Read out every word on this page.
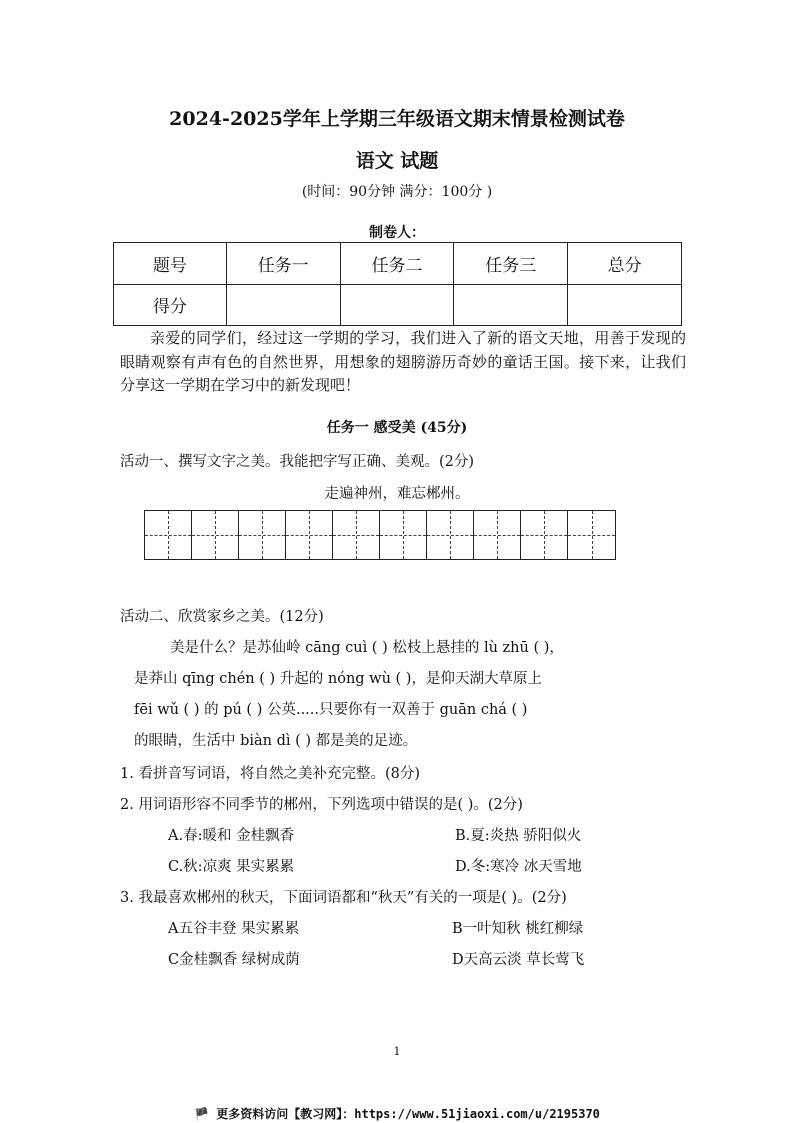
2024-2025学年上学期三年级语文期末情景检测试卷
语文 试题
(时间：90分钟 满分：100分 )
制卷人：
题号	任务一	任务二	任务三	总分
得分				
亲爱的同学们，经过这一学期的学习，我们进入了新的语文天地，用善于发现的眼睛观察有声有色的自然世界，用想象的翅膀游历奇妙的童话王国。接下来，让我们分享这一学期在学习中的新发现吧！
任务一 感受美 (45分)
活动一、撰写文字之美。我能把字写正确、美观。(2分)
走遍神州，难忘郴州。
活动二、欣赏家乡之美。(12分)
美是什么？是苏仙岭 cāng cuì ( ) 松枝上悬挂的 lù zhū ( )，
是莽山 qīng chén ( ) 升起的 nóng wù ( )，是仰天湖大草原上
fēi wǔ ( ) 的 pú ( ) 公英.....只要你有一双善于 guān chá ( )
的眼睛，生活中 biàn dì ( ) 都是美的足迹。
1. 看拼音写词语，将自然之美补充完整。(8分)
2. 用词语形容不同季节的郴州，下列选项中错误的是( )。(2分)
A.春:暖和 金桂飘香	B.夏:炎热 骄阳似火
C.秋:凉爽 果实累累	D.冬:寒冷 冰天雪地
3. 我最喜欢郴州的秋天，下面词语都和“秋天”有关的一项是( )。(2分)
A五谷丰登 果实累累	B一叶知秋 桃红柳绿
C金桂飘香 绿树成荫	D天高云淡 草长莺飞
1
🏴 更多资料访问【教习网】：https://www.51jiaoxi.com/u/2195370
